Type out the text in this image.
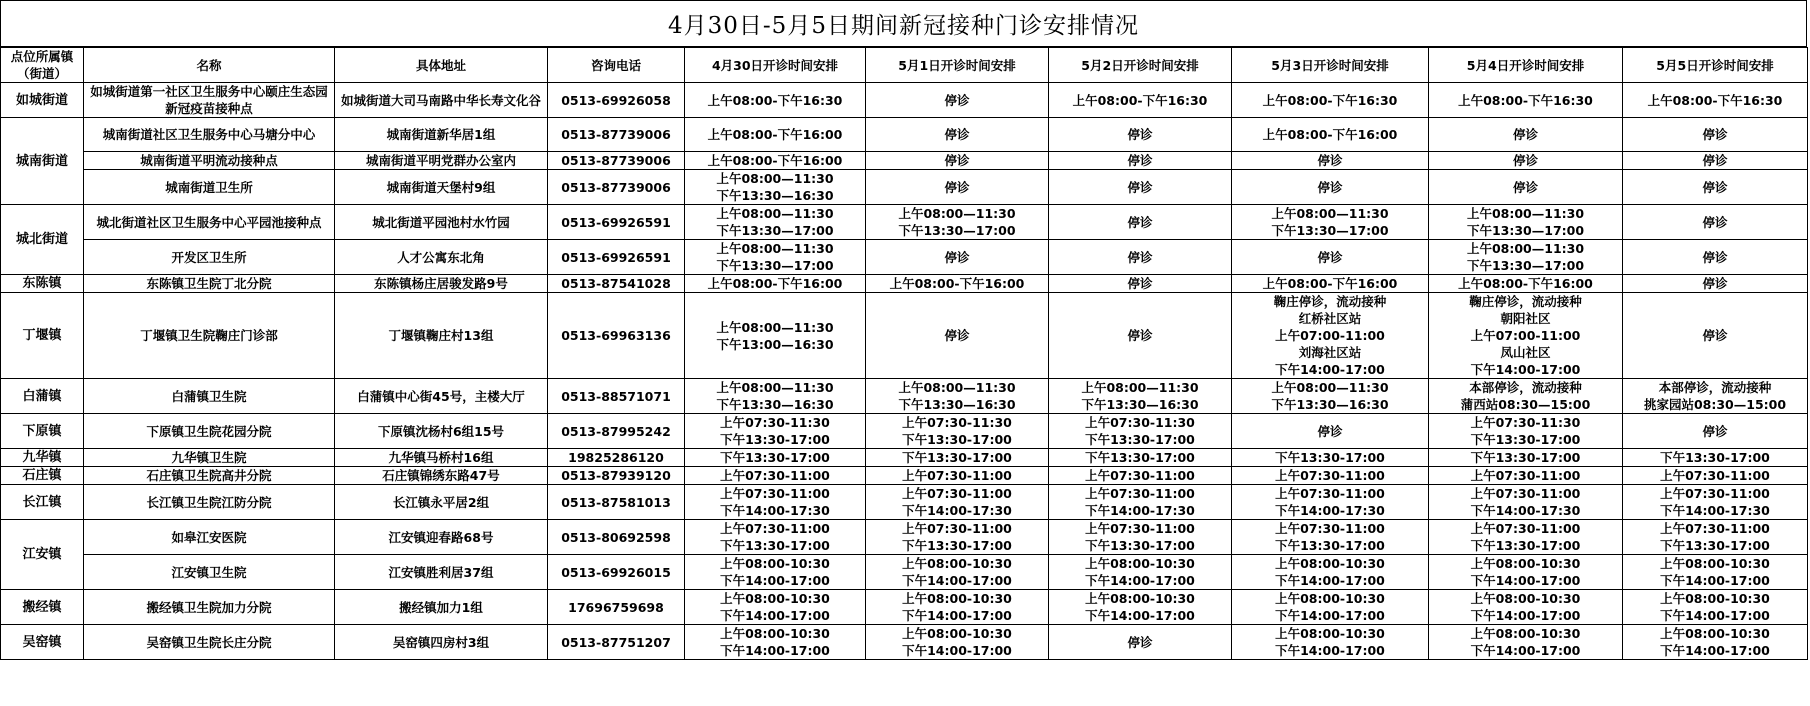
4月30日-5月5日期间新冠接种门诊安排情况
点位所属镇（街道）	名称	具体地址	咨询电话	4月30日开诊时间安排	5月1日开诊时间安排	5月2日开诊时间安排	5月3日开诊时间安排	5月4日开诊时间安排	5月5日开诊时间安排
如城街道	如城街道第一社区卫生服务中心颐庄生态园新冠疫苗接种点	如城街道大司马南路中华长寿文化谷	0513-69926058	上午08:00-下午16:30	停诊	上午08:00-下午16:30	上午08:00-下午16:30	上午08:00-下午16:30	上午08:00-下午16:30

城南街道	城南街道社区卫生服务中心马塘分中心	城南街道新华居1组	0513-87739006	上午08:00-下午16:00	停诊	停诊	上午08:00-下午16:00	停诊	停诊

	城南街道平明流动接种点	城南街道平明党群办公室内	0513-87739006	上午08:00-下午16:00	停诊	停诊	停诊	停诊	停诊

	城南街道卫生所	城南街道天堡村9组	0513-87739006	上午08:00—11:30
下午13:30—16:30	停诊	停诊	停诊	停诊	停诊

城北街道	城北街道社区卫生服务中心平园池接种点	城北街道平园池村水竹园	0513-69926591	上午08:00—11:30
下午13:30—17:00	上午08:00—11:30
下午13:30—17:00	停诊	上午08:00—11:30
下午13:30—17:00	上午08:00—11:30
下午13:30—17:00	停诊

	开发区卫生所	人才公寓东北角	0513-69926591	上午08:00—11:30
下午13:30—17:00	停诊	停诊	停诊	上午08:00—11:30
下午13:30—17:00	停诊

东陈镇	东陈镇卫生院丁北分院	东陈镇杨庄居骏发路9号	0513-87541028	上午08:00-下午16:00	上午08:00-下午16:00	停诊	上午08:00-下午16:00	上午08:00-下午16:00	停诊

丁堰镇	丁堰镇卫生院鞠庄门诊部	丁堰镇鞠庄村13组	0513-69963136	上午08:00—11:30
下午13:00—16:30	停诊	停诊	鞠庄停诊，流动接种
红桥社区站
上午07:00-11:00
刘海社区站
下午14:00-17:00	鞠庄停诊，流动接种
朝阳社区
上午07:00-11:00
凤山社区
下午14:00-17:00	停诊

白蒲镇	白蒲镇卫生院	白蒲镇中心街45号，主楼大厅	0513-88571071	上午08:00—11:30
下午13:30—16:30	上午08:00—11:30
下午13:30—16:30	上午08:00—11:30
下午13:30—16:30	上午08:00—11:30
下午13:30—16:30	本部停诊，流动接种
蒲西站08:30—15:00	本部停诊，流动接种
挑家园站08:30—15:00

下原镇	下原镇卫生院花园分院	下原镇沈杨村6组15号	0513-87995242	上午07:30-11:30
下午13:30-17:00	上午07:30-11:30
下午13:30-17:00	上午07:30-11:30
下午13:30-17:00	停诊	上午07:30-11:30
下午13:30-17:00	停诊

九华镇	九华镇卫生院	九华镇马桥村16组	19825286120	下午13:30-17:00	下午13:30-17:00	下午13:30-17:00	下午13:30-17:00	下午13:30-17:00	下午13:30-17:00

石庄镇	石庄镇卫生院高井分院	石庄镇锦绣东路47号	0513-87939120	上午07:30-11:00	上午07:30-11:00	上午07:30-11:00	上午07:30-11:00	上午07:30-11:00	上午07:30-11:00

长江镇	长江镇卫生院江防分院	长江镇永平居2组	0513-87581013	上午07:30-11:00
下午14:00-17:30	上午07:30-11:00
下午14:00-17:30	上午07:30-11:00
下午14:00-17:30	上午07:30-11:00
下午14:00-17:30	上午07:30-11:00
下午14:00-17:30	上午07:30-11:00
下午14:00-17:30

江安镇	如皋江安医院	江安镇迎春路68号	0513-80692598	上午07:30-11:00
下午13:30-17:00	上午07:30-11:00
下午13:30-17:00	上午07:30-11:00
下午13:30-17:00	上午07:30-11:00
下午13:30-17:00	上午07:30-11:00
下午13:30-17:00	上午07:30-11:00
下午13:30-17:00

	江安镇卫生院	江安镇胜利居37组	0513-69926015	上午08:00-10:30
下午14:00-17:00	上午08:00-10:30
下午14:00-17:00	上午08:00-10:30
下午14:00-17:00	上午08:00-10:30
下午14:00-17:00	上午08:00-10:30
下午14:00-17:00	上午08:00-10:30
下午14:00-17:00

搬经镇	搬经镇卫生院加力分院	搬经镇加力1组	17696759698	上午08:00-10:30
下午14:00-17:00	上午08:00-10:30
下午14:00-17:00	上午08:00-10:30
下午14:00-17:00	上午08:00-10:30
下午14:00-17:00	上午08:00-10:30
下午14:00-17:00	上午08:00-10:30
下午14:00-17:00

吴窑镇	吴窑镇卫生院长庄分院	吴窑镇四房村3组	0513-87751207	上午08:00-10:30
下午14:00-17:00	上午08:00-10:30
下午14:00-17:00	停诊	上午08:00-10:30
下午14:00-17:00	上午08:00-10:30
下午14:00-17:00	上午08:00-10:30
下午14:00-17:00
